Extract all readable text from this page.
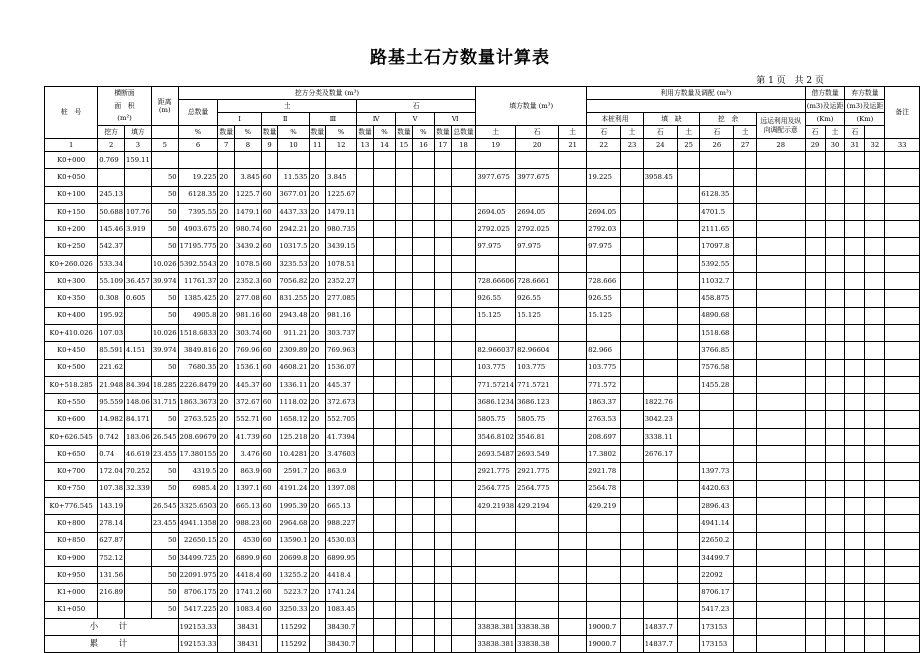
路基土石方数量计算表
第 1 页 共 2 页
桩　号	横断面		距离
(m)	挖方分类及数量 (m³)													填方数量 (m³)			利用方数量及调配 (m³)							借方数量		弃方数量		备注
	面　积			总数量	土						石																(m3)及运距		(m3)及运距		
	(m²)				Ⅰ		Ⅱ		Ⅲ		Ⅳ		Ⅴ		Ⅵ					本桩利用		填　缺		挖　余		远运利用及纵
向调配示意	(Km)		(Km)		
	挖方	填方		%	数量	%	数量	%	数量	%	数量	%	数量	%	数量	总数量	土	石	土	石	土	石	土	石	土		石	土	石		
1	2	3	5	6	7	8	9	10	11	12	13	14	15	16	17	18	19	20	21	22	23	24	25	26	27	28	29	30	31	32	33
K0+000	0.769	159.11																													
K0+050			50	19.225	20	3.845	60	11.535	20	3.845							3977.675	3977.675		19.225		3958.45									
K0+100	245.13		50	6128.35	20	1225.7	60	3677.01	20	1225.67														6128.35							
K0+150	50.688	107.76	50	7395.55	20	1479.1	60	4437.33	20	1479.11							2694.05	2694.05		2694.05				4701.5							
K0+200	145.46	3.919	50	4903.675	20	980.74	60	2942.21	20	980.735							2792.025	2792.025		2792.03				2111.65							
K0+250	542.37		50	17195.775	20	3439.2	60	10317.5	20	3439.15							97.975	97.975		97.975				17097.8							
K0+260.026	533.34		10.026	5392.5543	20	1078.5	60	3235.53	20	1078.51														5392.55							
K0+300	55.109	36.457	39.974	11761.37	20	2352.3	60	7056.82	20	2352.27							728.66606	728.6661		728.666				11032.7							
K0+350	0.308	0.605	50	1385.425	20	277.08	60	831.255	20	277.085							926.55	926.55		926.55				458.875							
K0+400	195.92		50	4905.8	20	981.16	60	2943.48	20	981.16							15.125	15.125		15.125				4890.68							
K0+410.026	107.03		10.026	1518.6833	20	303.74	60	911.21	20	303.737														1518.68							
K0+450	85.591	4.151	39.974	3849.816	20	769.96	60	2309.89	20	769.963							82.966037	82.96604		82.966				3766.85							
K0+500	221.62		50	7680.35	20	1536.1	60	4608.21	20	1536.07							103.775	103.775		103.775				7576.58							
K0+518.285	21.948	84.394	18.285	2226.8479	20	445.37	60	1336.11	20	445.37							771.57214	771.5721		771.572				1455.28							
K0+550	95.559	148.06	31.715	1863.3673	20	372.67	60	1118.02	20	372.673							3686.1234	3686.123		1863.37		1822.76									
K0+600	14.982	84.171	50	2763.525	20	552.71	60	1658.12	20	552.705							5805.75	5805.75		2763.53		3042.23									
K0+626.545	0.742	183.06	26.545	208.69679	20	41.739	60	125.218	20	41.7394							3546.8102	3546.81		208.697		3338.11									
K0+650	0.74	46.619	23.455	17.380155	20	3.476	60	10.4281	20	3.47603							2693.5487	2693.549		17.3802		2676.17									
K0+700	172.04	70.252	50	4319.5	20	863.9	60	2591.7	20	863.9							2921.775	2921.775		2921.78				1397.73							
K0+750	107.38	32.339	50	6985.4	20	1397.1	60	4191.24	20	1397.08							2564.775	2564.775		2564.78				4420.63							
K0+776.545	143.19		26.545	3325.6503	20	665.13	60	1995.39	20	665.13							429.21938	429.2194		429.219				2896.43							
K0+800	278.14		23.455	4941.1358	20	988.23	60	2964.68	20	988.227														4941.14							
K0+850	627.87		50	22650.15	20	4530	60	13590.1	20	4530.03														22650.2							
K0+900	752.12		50	34499.725	20	6899.9	60	20699.8	20	6899.95														34499.7							
K0+950	131.56		50	22091.975	20	4418.4	60	13255.2	20	4418.4														22092							
K1+000	216.89		50	8706.175	20	1741.2	60	5223.7	20	1741.24														8706.17							
K1+050			50	5417.225	20	1083.4	60	3250.33	20	1083.45														5417.23							
小　计				192153.33		38431		115292		38430.7							33838.381	33838.38		19000.7		14837.7		173153							
累　计				192153.33		38431		115292		38430.7							33838.381	33838.38		19000.7		14837.7		173153							
